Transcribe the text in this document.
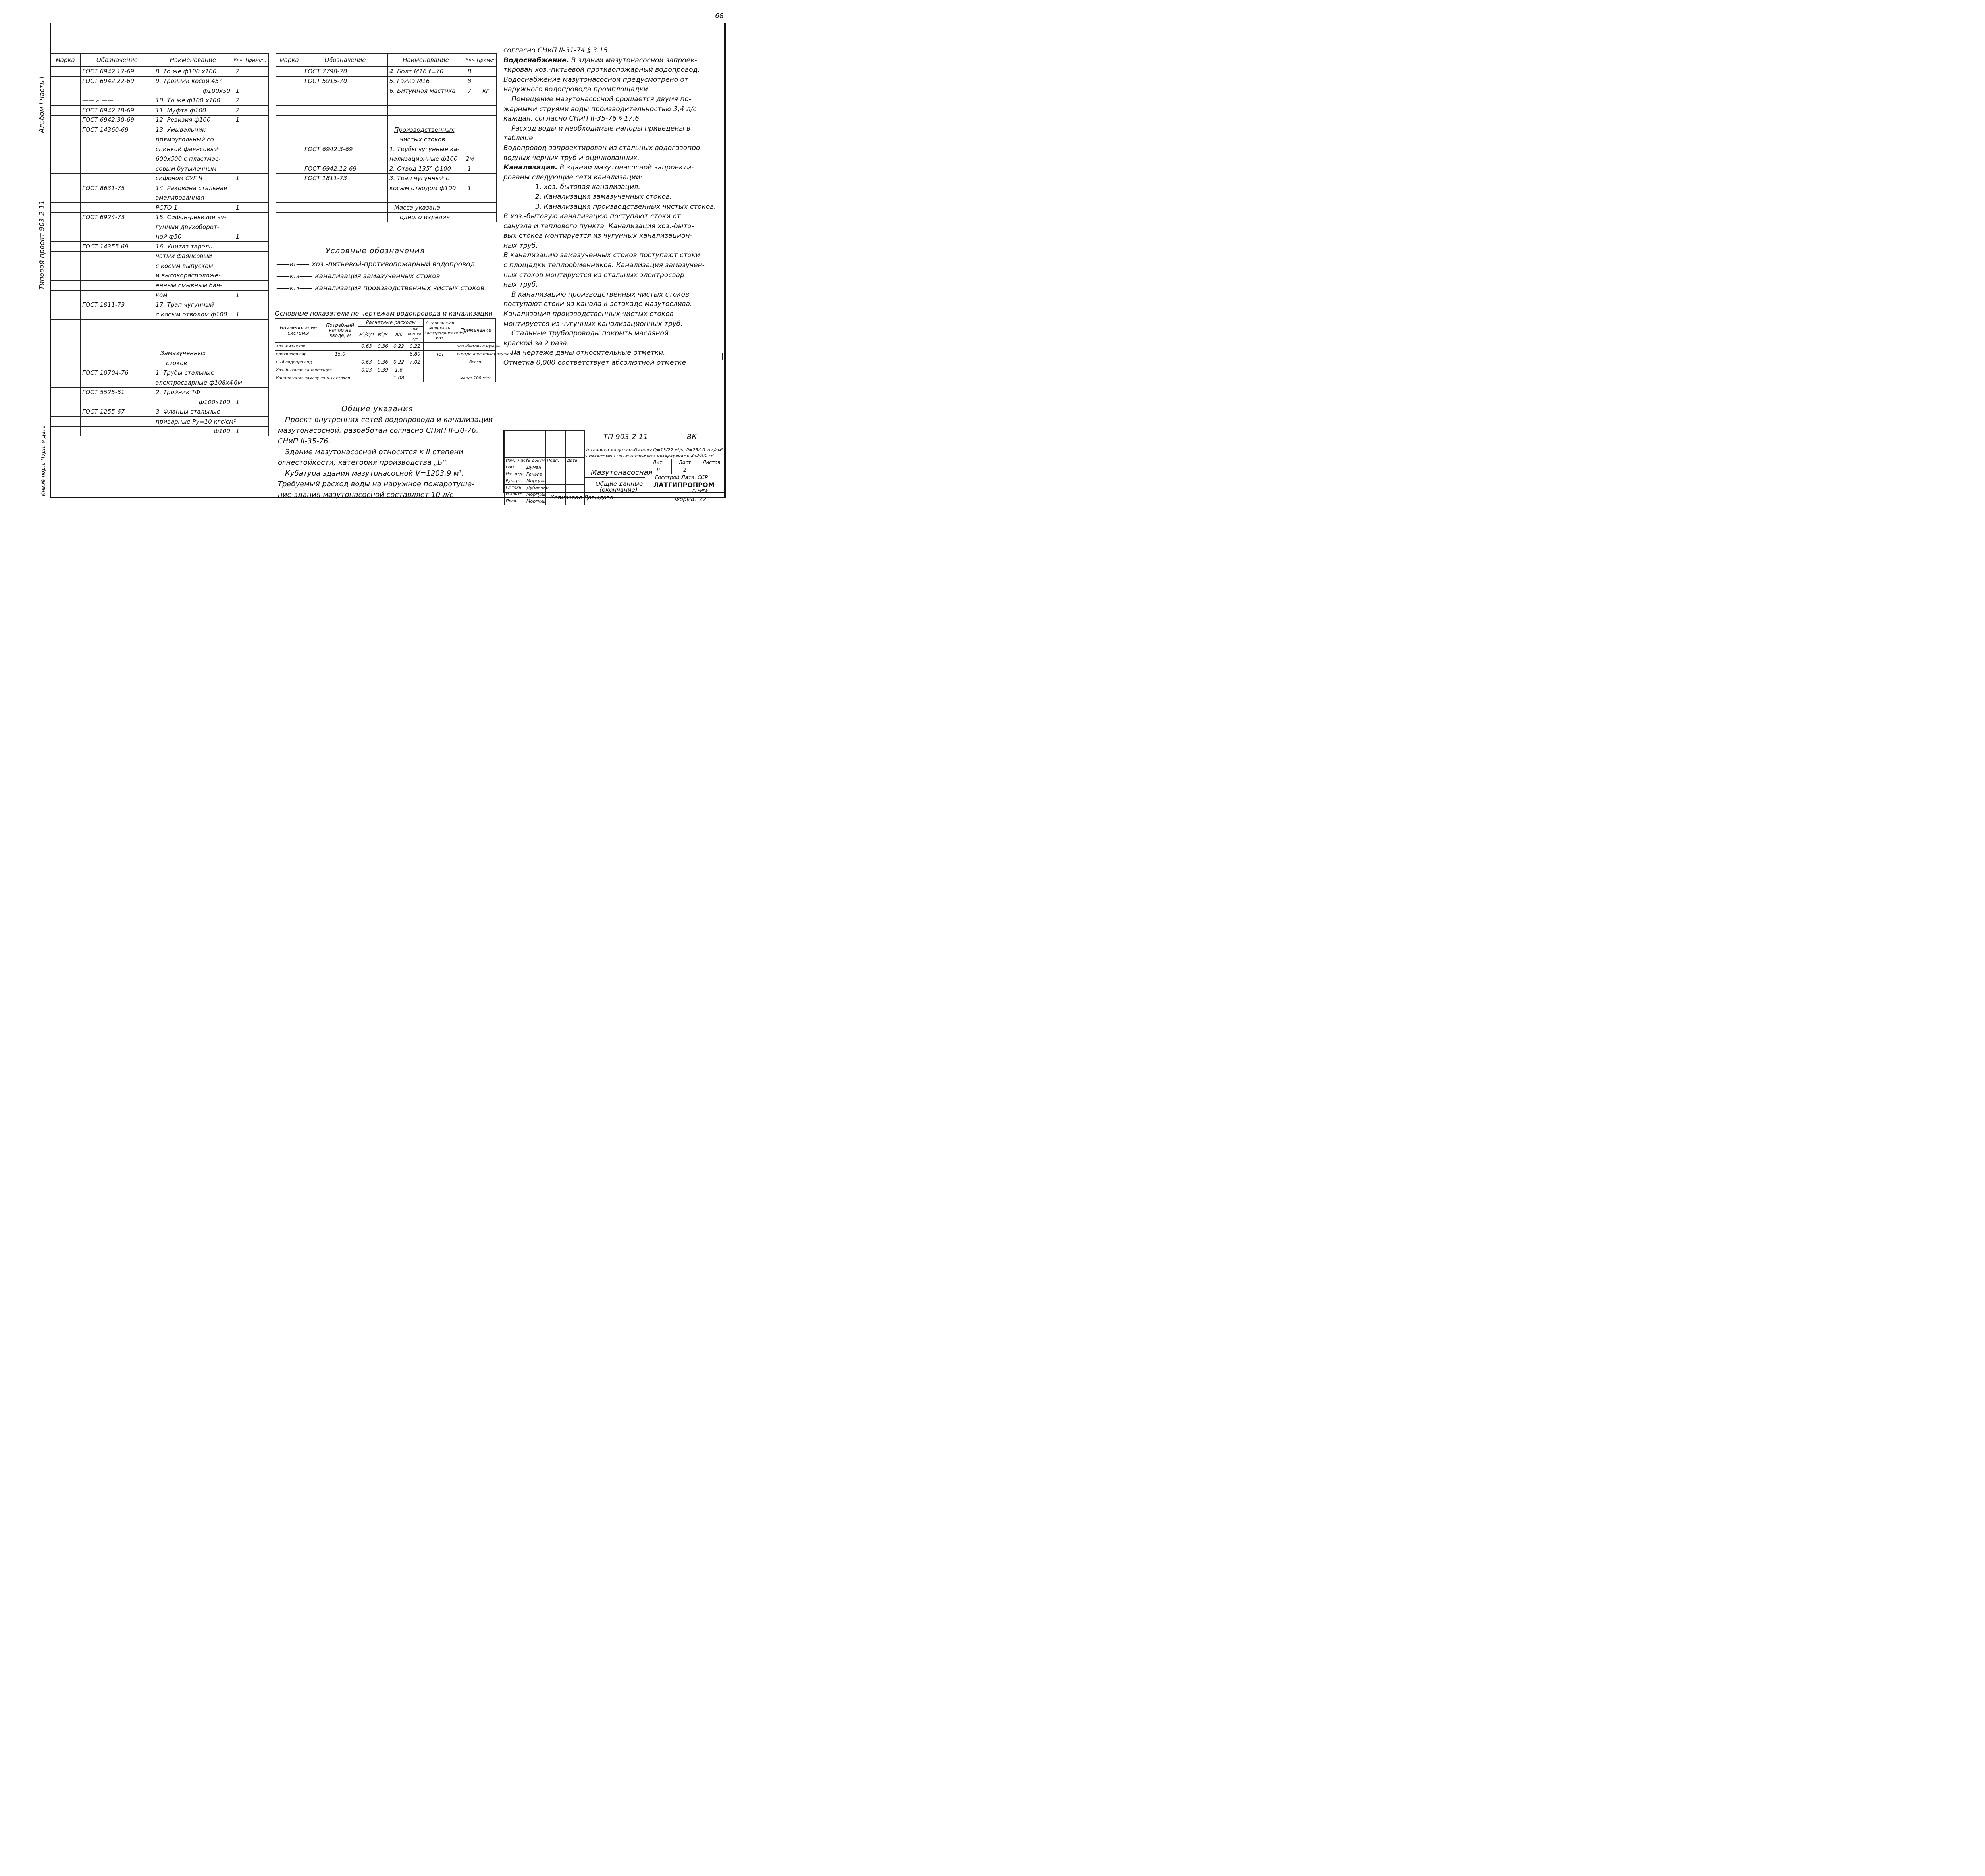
68
Альбом I часть I
Типовой проект 903-2-11
Инв.№ подл. Подп. и дата
марка	Обозначение	Наименование	Кол.	Примеч.
	ГОСТ 6942.17-69	8. То же ф100 х100	2	
	ГОСТ 6942.22-69	9. Тройник косой 45°		
		ф100х50	1	
	—— » ——	10. То же ф100 х100	2	
	ГОСТ 6942.28-69	11. Муфта ф100	2	
	ГОСТ 6942.30-69	12. Ревизия ф100	1	
	ГОСТ 14360-69	13. Умывальник		
		прямоугольный со		
		спинкой фаянсовый		
		600х500 с пластмас-		
		совым бутылочным		
		сифоном СУГ Ч	1	
	ГОСТ 8631-75	14. Раковина стальная		
		эмалированная		
		РСТО-1	1	
	ГОСТ 6924-73	15. Сифон-ревизия чу-		
		гунный двухоборот-		
		ной ф50	1	
	ГОСТ 14355-69	16. Унитаз тарель-		
		чатый фаянсовый		
		с косым выпуском		
		и высокорасположе-		
		енным смывным бач-		
		ком	1	
	ГОСТ 1811-73	17. Трап чугунный		
		с косым отводом ф100	1	

		Замазученных		
		стоков		
	ГОСТ 10704-76	1. Трубы стальные		
		электросварные ф108х4	6м	
	ГОСТ 5525-61	2. Тройник ТФ		
		ф100х100	1	
	ГОСТ 1255-67	3. Фланцы стальные		
		приварные Ру=10 кгс/см²		
		ф100	1	
марка	Обозначение	Наименование	Кол.	Примеч.
	ГОСТ 7798-70	4. Болт М16 ℓ=70	8	
	ГОСТ 5915-70	5. Гайка М16	8	
		6. Битумная мастика	7	кг

		Производственных		
		чистых стоков		
	ГОСТ 6942.3-69	1. Трубы чугунные ка-		
		нализационные ф100	2м	
	ГОСТ 6942.12-69	2. Отвод 135° ф100	1	
	ГОСТ 1811-73	3. Трап чугунный с		
		косым отводом ф100	1	

		Масса указана		
		одного изделия		
Условные обозначения
——В1—— хоз.-питьевой-противопожарный водопровод
——К13—— канализация замазученных стоков
——К14—— канализация производственных чистых стоков
Основные показатели по чертежам водопровода и канализации
Наименование системы	Потребный напор на вводе, м	Расчетные расходы				Установочная мощность электродвигателей, кВт	Примечание
		м³/сут	м³/ч	л/с	при пожаре л/с		
Хоз.-питьевой		0.63	0.36	0.22	0.22		хоз.-бытовые нужды
противопожар-	15.0				6.80	нет	внутреннее пожаротушение
ный водопро-вод		0.63	0.36	0.22	7.02		Всего:
Хоз.-бытовая канализация		0.23	0.39	1.6			
Канализация замазученных стоков				1.08			мазут 100 мг/л
Общие указания
Проект внутренних сетей водопровода и канализации
мазутонасосной, разработан согласно СНиП II-30-76,
СНиП II-35-76.
Здание мазутонасосной относится к II степени
огнестойкости, категория производства „Б“.
Кубатура здания мазутонасосной V=1203,9 м³.
Требуемый расход воды на наружное пожаротуше-
ние здания мазутонасосной составляет 10 л/с
согласно СНиП II-31-74 § 3.15.
Водоснабжение. В здании мазутонасосной запроек-
тирован хоз.-питьевой противопожарный водопровод.
Водоснабжение мазутонасосной предусмотрено от
наружного водопровода промплощадки.
Помещение мазутонасосной орошается двумя по-
жарными струями воды производительностью 3,4 л/с
каждая, согласно СНиП II-35-76 § 17.6.
Расход воды и необходимые напоры приведены в
таблице.
Водопровод запроектирован из стальных водогазопро-
водных черных труб и оцинкованных.
Канализация. В здании мазутонасосной запроекти-
рованы следующие сети канализации:
1. хоз.-бытовая канализация.
2. Канализация замазученных стоков.
3. Канализация производственных чистых стоков.
В хоз.-бытовую канализацию поступают стоки от
санузла и теплового пункта. Канализация хоз.-быто-
вых стоков монтируется из чугунных канализацион-
ных труб.
В канализацию замазученных стоков поступают стоки
с площадки теплообменников. Канализация замазучен-
ных стоков монтируется из стальных электросвар-
ных труб.
В канализацию производственных чистых стоков
поступают стоки из канала к эстакаде мазутослива.
Канализация производственных чистых стоков
монтируется из чугунных канализационных труб.
Стальные трубопроводы покрыть масляной
краской за 2 раза.
На чертеже даны относительные отметки.
Отметка 0,000 соответствует абсолютной отметке

Изм.	Лист	№ докум.	Подп.	Дата
ГИП		Думан		
Нач.отд.		Ганьге		
Рук.гр.		Моргуль		
Гл.техн.		Дубаенко		
Н.контр.		Моргуль		
Пров.		Моргуль		
ТП 903-2-11	ВК
Установка мазутоснабжения Q=13/22 м³/ч, Р=25/10 кгс/см² с наземными металлическими резервуарами 2х3000 м³
Мазутонасосная
Общие данные
(окончание)
Лит.	Лист	Листов
Р	2	
Госстрой Латв. ССР
ЛАТГИПРОПРОМ
г. Рига
Копировал Давыдова	Формат 22
